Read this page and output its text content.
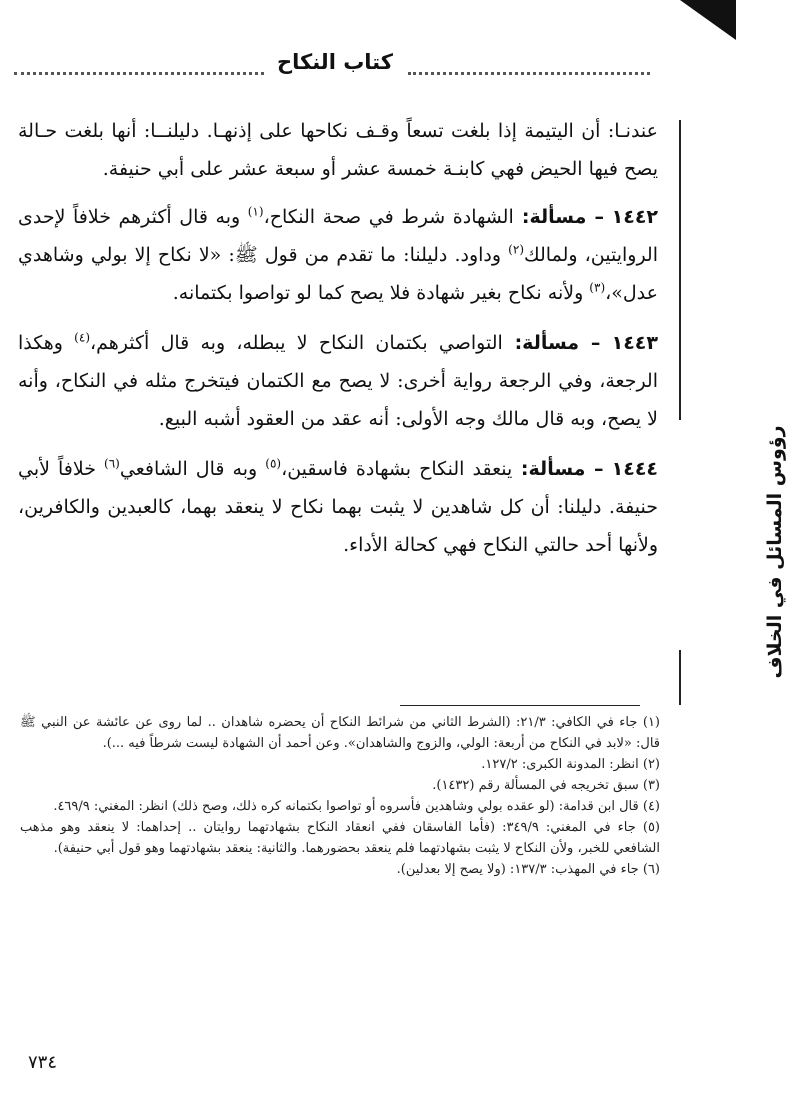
كتاب النكاح
رؤوس المسائل في الخلاف

عندنـا: أن اليتيمة إذا بلغت تسعاً وقـف نكاحها على إذنهـا. دليلنــا: أنها بلغت حـالة يصح فيها الحيض فهي كابنـة خمسة عشر أو سبعة عشر على أبي حنيفة.

١٤٤٢ – مسألة: الشهادة شرط في صحة النكاح،$^{(١)}$ وبه قال أكثرهم خلافاً لإحدى الروايتين، ولمالك$^{(٢)}$ وداود. دليلنا: ما تقدم من قول ﷺ: «لا نكاح إلا بولي وشاهدي عدل»،$^{(٣)}$ ولأنه نكاح بغير شهادة فلا يصح كما لو تواصوا بكتمانه.

١٤٤٣ – مسألة: التواصي بكتمان النكاح لا يبطله، وبه قال أكثرهم،$^{(٤)}$ وهكذا الرجعة، وفي الرجعة رواية أخرى: لا يصح مع الكتمان فيتخرج مثله في النكاح، وأنه لا يصح، وبه قال مالك وجه الأولى: أنه عقد من العقود أشبه البيع.

١٤٤٤ – مسألة: ينعقد النكاح بشهادة فاسقين،$^{(٥)}$ وبه قال الشافعي$^{(٦)}$ خلافاً لأبي حنيفة. دليلنا: أن كل شاهدين لا يثبت بهما نكاح لا ينعقد بهما، كالعبدين والكافرين، ولأنها أحد حالتي النكاح فهي كحالة الأداء.

(١) جاء في الكافي: ٢١/٣: (الشرط الثاني من شرائط النكاح أن يحضره شاهدان .. لما روى عن عائشة عن النبي ﷺ قال: «لابد في النكاح من أربعة: الولي، والزوج والشاهدان». وعن أحمد أن الشهادة ليست شرطاً فيه ...).

(٢) انظر: المدونة الكبرى: ١٢٧/٢.

(٣) سبق تخريجه في المسألة رقم (١٤٣٢).

(٤) قال ابن قدامة: (لو عقده بولي وشاهدين فأسروه أو تواصوا بكتمانه كره ذلك، وصح ذلك) انظر: المغني: ٤٦٩/٩.

(٥) جاء في المغني: ٣٤٩/٩: (فأما الفاسقان ففي انعقاد النكاح بشهادتهما روايتان .. إحداهما: لا ينعقد وهو مذهب الشافعي للخبر، ولأن النكاح لا يثبت بشهادتهما فلم ينعقد بحضورهما. والثانية: ينعقد بشهادتهما وهو قول أبي حنيفة).

(٦) جاء في المهذب: ١٣٧/٣: (ولا يصح إلا بعدلين).

٧٣٤
